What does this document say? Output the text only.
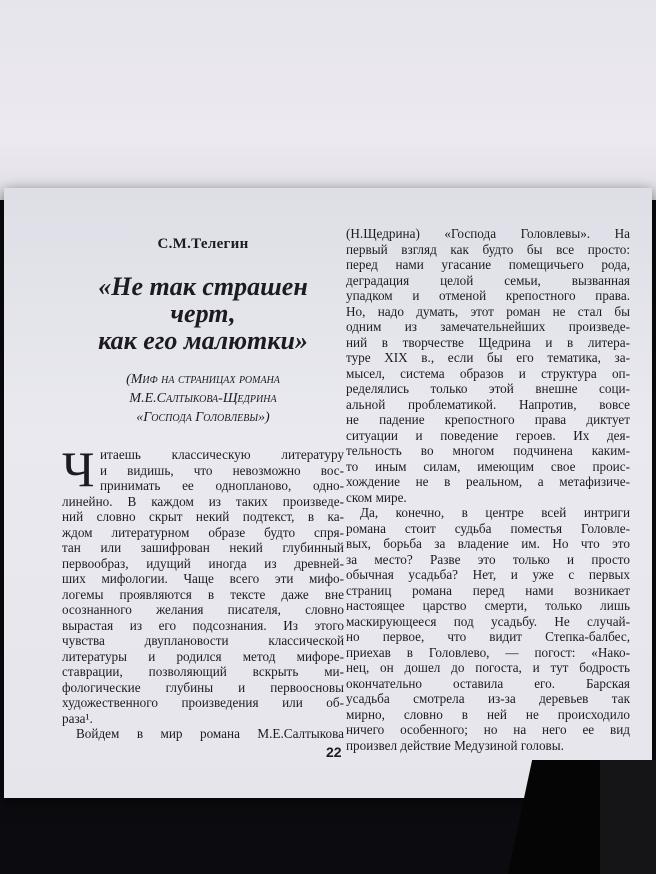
С.М.Телегин
«Не так страшен
черт,
как его малютки»
(Миф на страницах романа
М.Е.Салтыкова-Щедрина
«Господа Головлевы»)
Ч итаешь классическую литературу
и видишь, что невозможно вос-
принимать ее одноплановo, одно-
линейно. В каждом из таких произведе-
ний словно скрыт некий подтекст, в ка-
ждом литературном образе будто спря-
тан или зашифрован некий глубинный
первообраз, идущий иногда из древней-
ших мифологии. Чаще всего эти мифо-
логемы проявляются в тексте даже вне
осознанного желания писателя, словно
вырастая из его подсознания. Из этого
чувства двуплановости классической
литературы и родился метод мифоре-
ставрации, позволяющий вскрыть ми-
фологические глубины и первоосновы
художественного произведения или об-
раза¹.
Войдем в мир романа М.Е.Салтыкова
(Н.Щедрина) «Господа Головлевы». На
первый взгляд как будто бы все просто:
перед нами угасание помещичьего рода,
деградация целой семьи, вызванная
упадком и отменой крепостного права.
Но, надо думать, этот роман не стал бы
одним из замечательнейших произведе-
ний в творчестве Щедрина и в литера-
туре XIX в., если бы его тематика, за-
мысел, система образов и структура оп-
ределялись только этой внешне соци-
альной проблематикой. Напротив, вовсе
не падение крепостного права диктует
ситуации и поведение героев. Их дея-
тельность во многом подчинена каким-
то иным силам, имеющим свое проис-
хождение не в реальном, а метафизиче-
ском мире.
Да, конечно, в центре всей интриги
романа стоит судьба поместья Головле-
вых, борьба за владение им. Но что это
за место? Разве это только и просто
обычная усадьба? Нет, и уже с первых
страниц романа перед нами возникает
настоящее царство смерти, только лишь
маскирующееся под усадьбу. Не случай-
но первое, что видит Степка-балбес,
приехав в Головлево, — погост: «Нако-
нец, он дошел до погоста, и тут бодрость
окончательно оставила его. Барская
усадьба смотрела из-за деревьев так
мирно, словно в ней не происходило
ничего особенного; но на него ее вид
произвел действие Медузиной головы.
22
